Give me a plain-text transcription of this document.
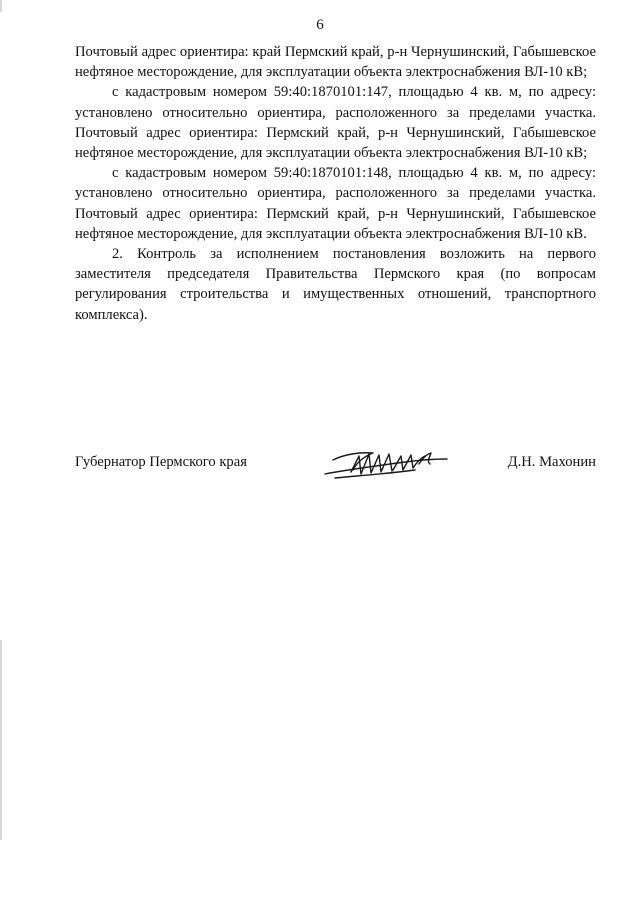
6

Почтовый адрес ориентира: край Пермский край, р-н Чернушинский, Габышевское нефтяное месторождение, для эксплуатации объекта электроснабжения ВЛ-10 кВ;

с кадастровым номером 59:40:1870101:147, площадью 4 кв. м, по адресу: установлено относительно ориентира, расположенного за пределами участка. Почтовый адрес ориентира: Пермский край, р-н Чернушинский, Габышевское нефтяное месторождение, для эксплуатации объекта электроснабжения ВЛ-10 кВ;

с кадастровым номером 59:40:1870101:148, площадью 4 кв. м, по адресу: установлено относительно ориентира, расположенного за пределами участка. Почтовый адрес ориентира: Пермский край, р-н Чернушинский, Габышевское нефтяное месторождение, для эксплуатации объекта электроснабжения ВЛ-10 кВ.

2. Контроль за исполнением постановления возложить на первого заместителя председателя Правительства Пермского края (по вопросам регулирования строительства и имущественных отношений, транспортного комплекса).

Губернатор Пермского края	Д.Н. Махонин
